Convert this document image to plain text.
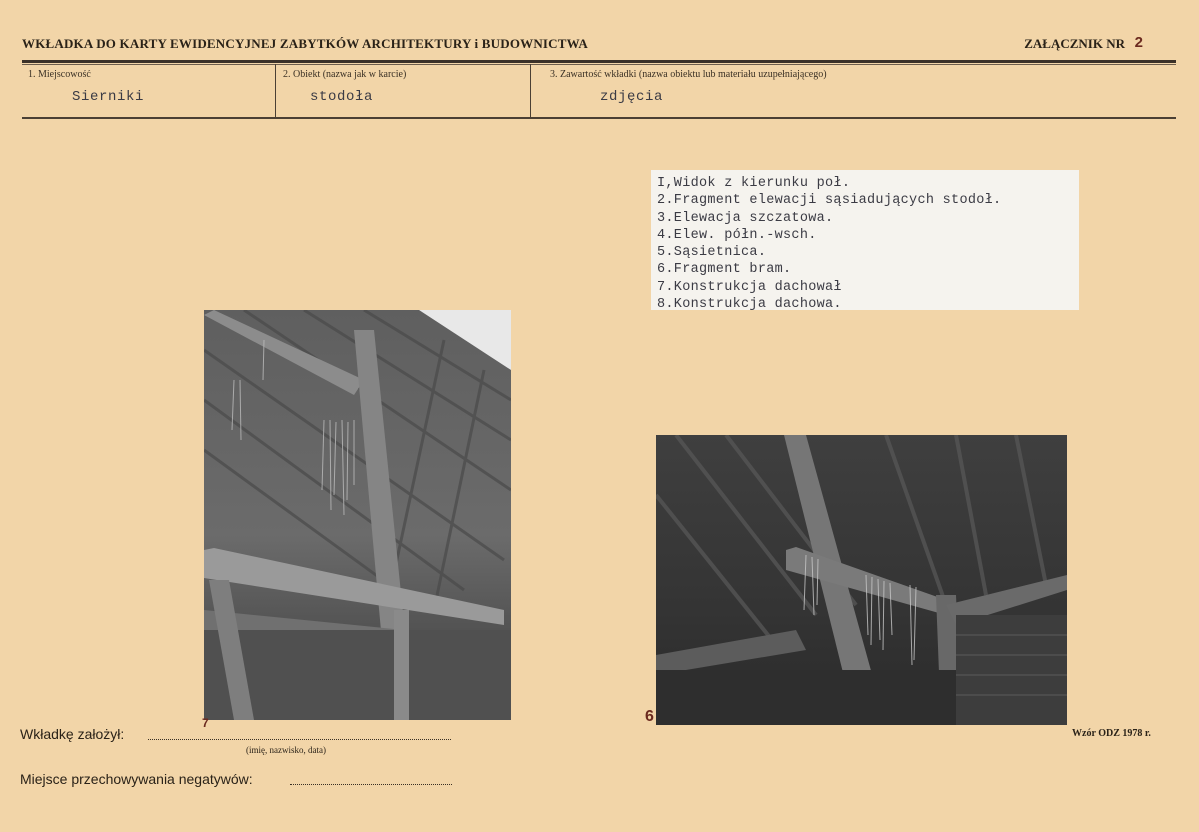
WKŁADKA DO KARTY EWIDENCYJNEJ ZABYTKÓW ARCHITEKTURY i BUDOWNICTWA	ZAŁĄCZNIK NR 2
1. Miejscowość
Sierniki
2. Obiekt (nazwa jak w karcie)
stodoła
3. Zawartość wkładki (nazwa obiektu lub materiału uzupełniającego)
zdjęcia
I,Widok z kierunku poł.
2.Fragment elewacji sąsiadujących stodoł.
3.Elewacja szczatowa.
4.Elew. półn.-wsch.
5.Sąsietnica.
6.Fragment bram.
7.Konstrukcja dachował
8.Konstrukcja dachowa.
7	6
Wkładkę założył:
(imię, nazwisko, data)
Miejsce przechowywania negatywów:
Wzór ODZ 1978 r.
